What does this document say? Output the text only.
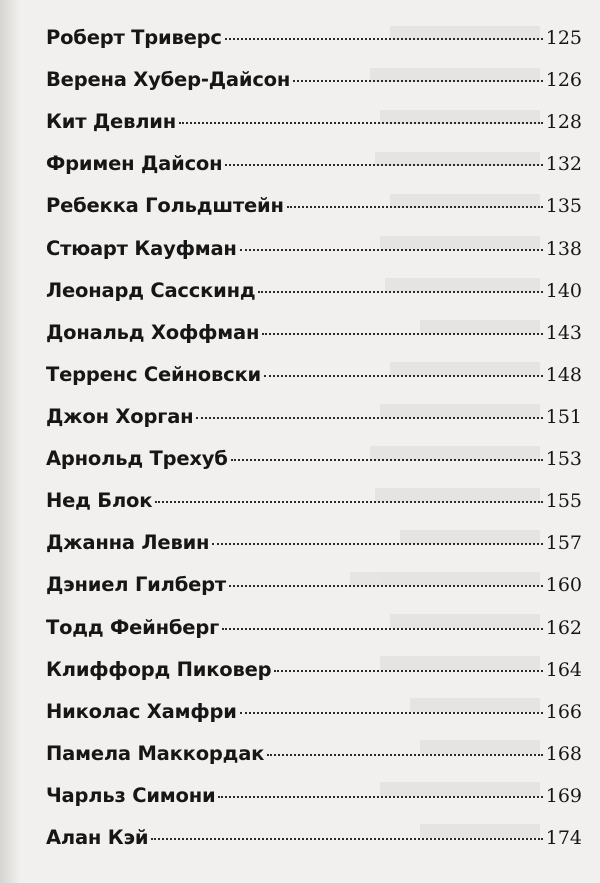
Роберт Триверс	125
Верена Хубер-Дайсон	126
Кит Девлин	128
Фримен Дайсон	132
Ребекка Гольдштейн	135
Стюарт Кауфман	138
Леонард Сасскинд	140
Дональд Хоффман	143
Терренс Сейновски	148
Джон Хорган	151
Арнольд Трехуб	153
Нед Блок	155
Джанна Левин	157
Дэниел Гилберт	160
Тодд Фейнберг	162
Клиффорд Пиковер	164
Николас Хамфри	166
Памела Маккордак	168
Чарльз Симони	169
Алан Кэй	174
